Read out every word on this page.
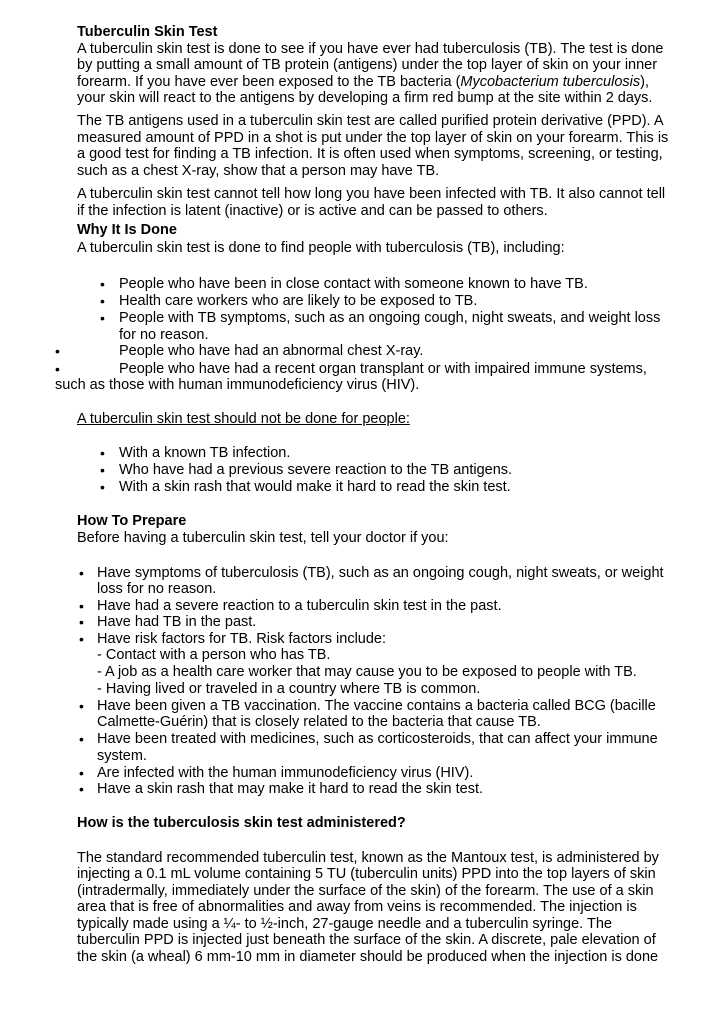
Tuberculin Skin Test
A tuberculin skin test is done to see if you have ever had tuberculosis (TB). The test is done
by putting a small amount of TB protein (antigens) under the top layer of skin on your inner
forearm. If you have ever been exposed to the TB bacteria (Mycobacterium tuberculosis),
your skin will react to the antigens by developing a firm red bump at the site within 2 days.
The TB antigens used in a tuberculin skin test are called purified protein derivative (PPD). A
measured amount of PPD in a shot is put under the top layer of skin on your forearm. This is
a good test for finding a TB infection. It is often used when symptoms, screening, or testing,
such as a chest X-ray, show that a person may have TB.
A tuberculin skin test cannot tell how long you have been infected with TB. It also cannot tell
if the infection is latent (inactive) or is active and can be passed to others.
Why It Is Done
A tuberculin skin test is done to find people with tuberculosis (TB), including:
• People who have been in close contact with someone known to have TB.
• Health care workers who are likely to be exposed to TB.
• People with TB symptoms, such as an ongoing cough, night sweats, and weight loss
for no reason.
•	People who have had an abnormal chest X-ray.
•	People who have had a recent organ transplant or with impaired immune systems,
such as those with human immunodeficiency virus (HIV).
A tuberculin skin test should not be done for people:
• With a known TB infection.
• Who have had a previous severe reaction to the TB antigens.
• With a skin rash that would make it hard to read the skin test.
How To Prepare
Before having a tuberculin skin test, tell your doctor if you:
• Have symptoms of tuberculosis (TB), such as an ongoing cough, night sweats, or weight
loss for no reason.
• Have had a severe reaction to a tuberculin skin test in the past.
• Have had TB in the past.
• Have risk factors for TB. Risk factors include:
- Contact with a person who has TB.
- A job as a health care worker that may cause you to be exposed to people with TB.
- Having lived or traveled in a country where TB is common.
• Have been given a TB vaccination. The vaccine contains a bacteria called BCG (bacille
Calmette-Guérin) that is closely related to the bacteria that cause TB.
• Have been treated with medicines, such as corticosteroids, that can affect your immune
system.
• Are infected with the human immunodeficiency virus (HIV).
• Have a skin rash that may make it hard to read the skin test.
How is the tuberculosis skin test administered?
The standard recommended tuberculin test, known as the Mantoux test, is administered by
injecting a 0.1 mL volume containing 5 TU (tuberculin units) PPD into the top layers of skin
(intradermally, immediately under the surface of the skin) of the forearm. The use of a skin
area that is free of abnormalities and away from veins is recommended. The injection is
typically made using a ¼- to ½-inch, 27-gauge needle and a tuberculin syringe. The
tuberculin PPD is injected just beneath the surface of the skin. A discrete, pale elevation of
the skin (a wheal) 6 mm-10 mm in diameter should be produced when the injection is done
